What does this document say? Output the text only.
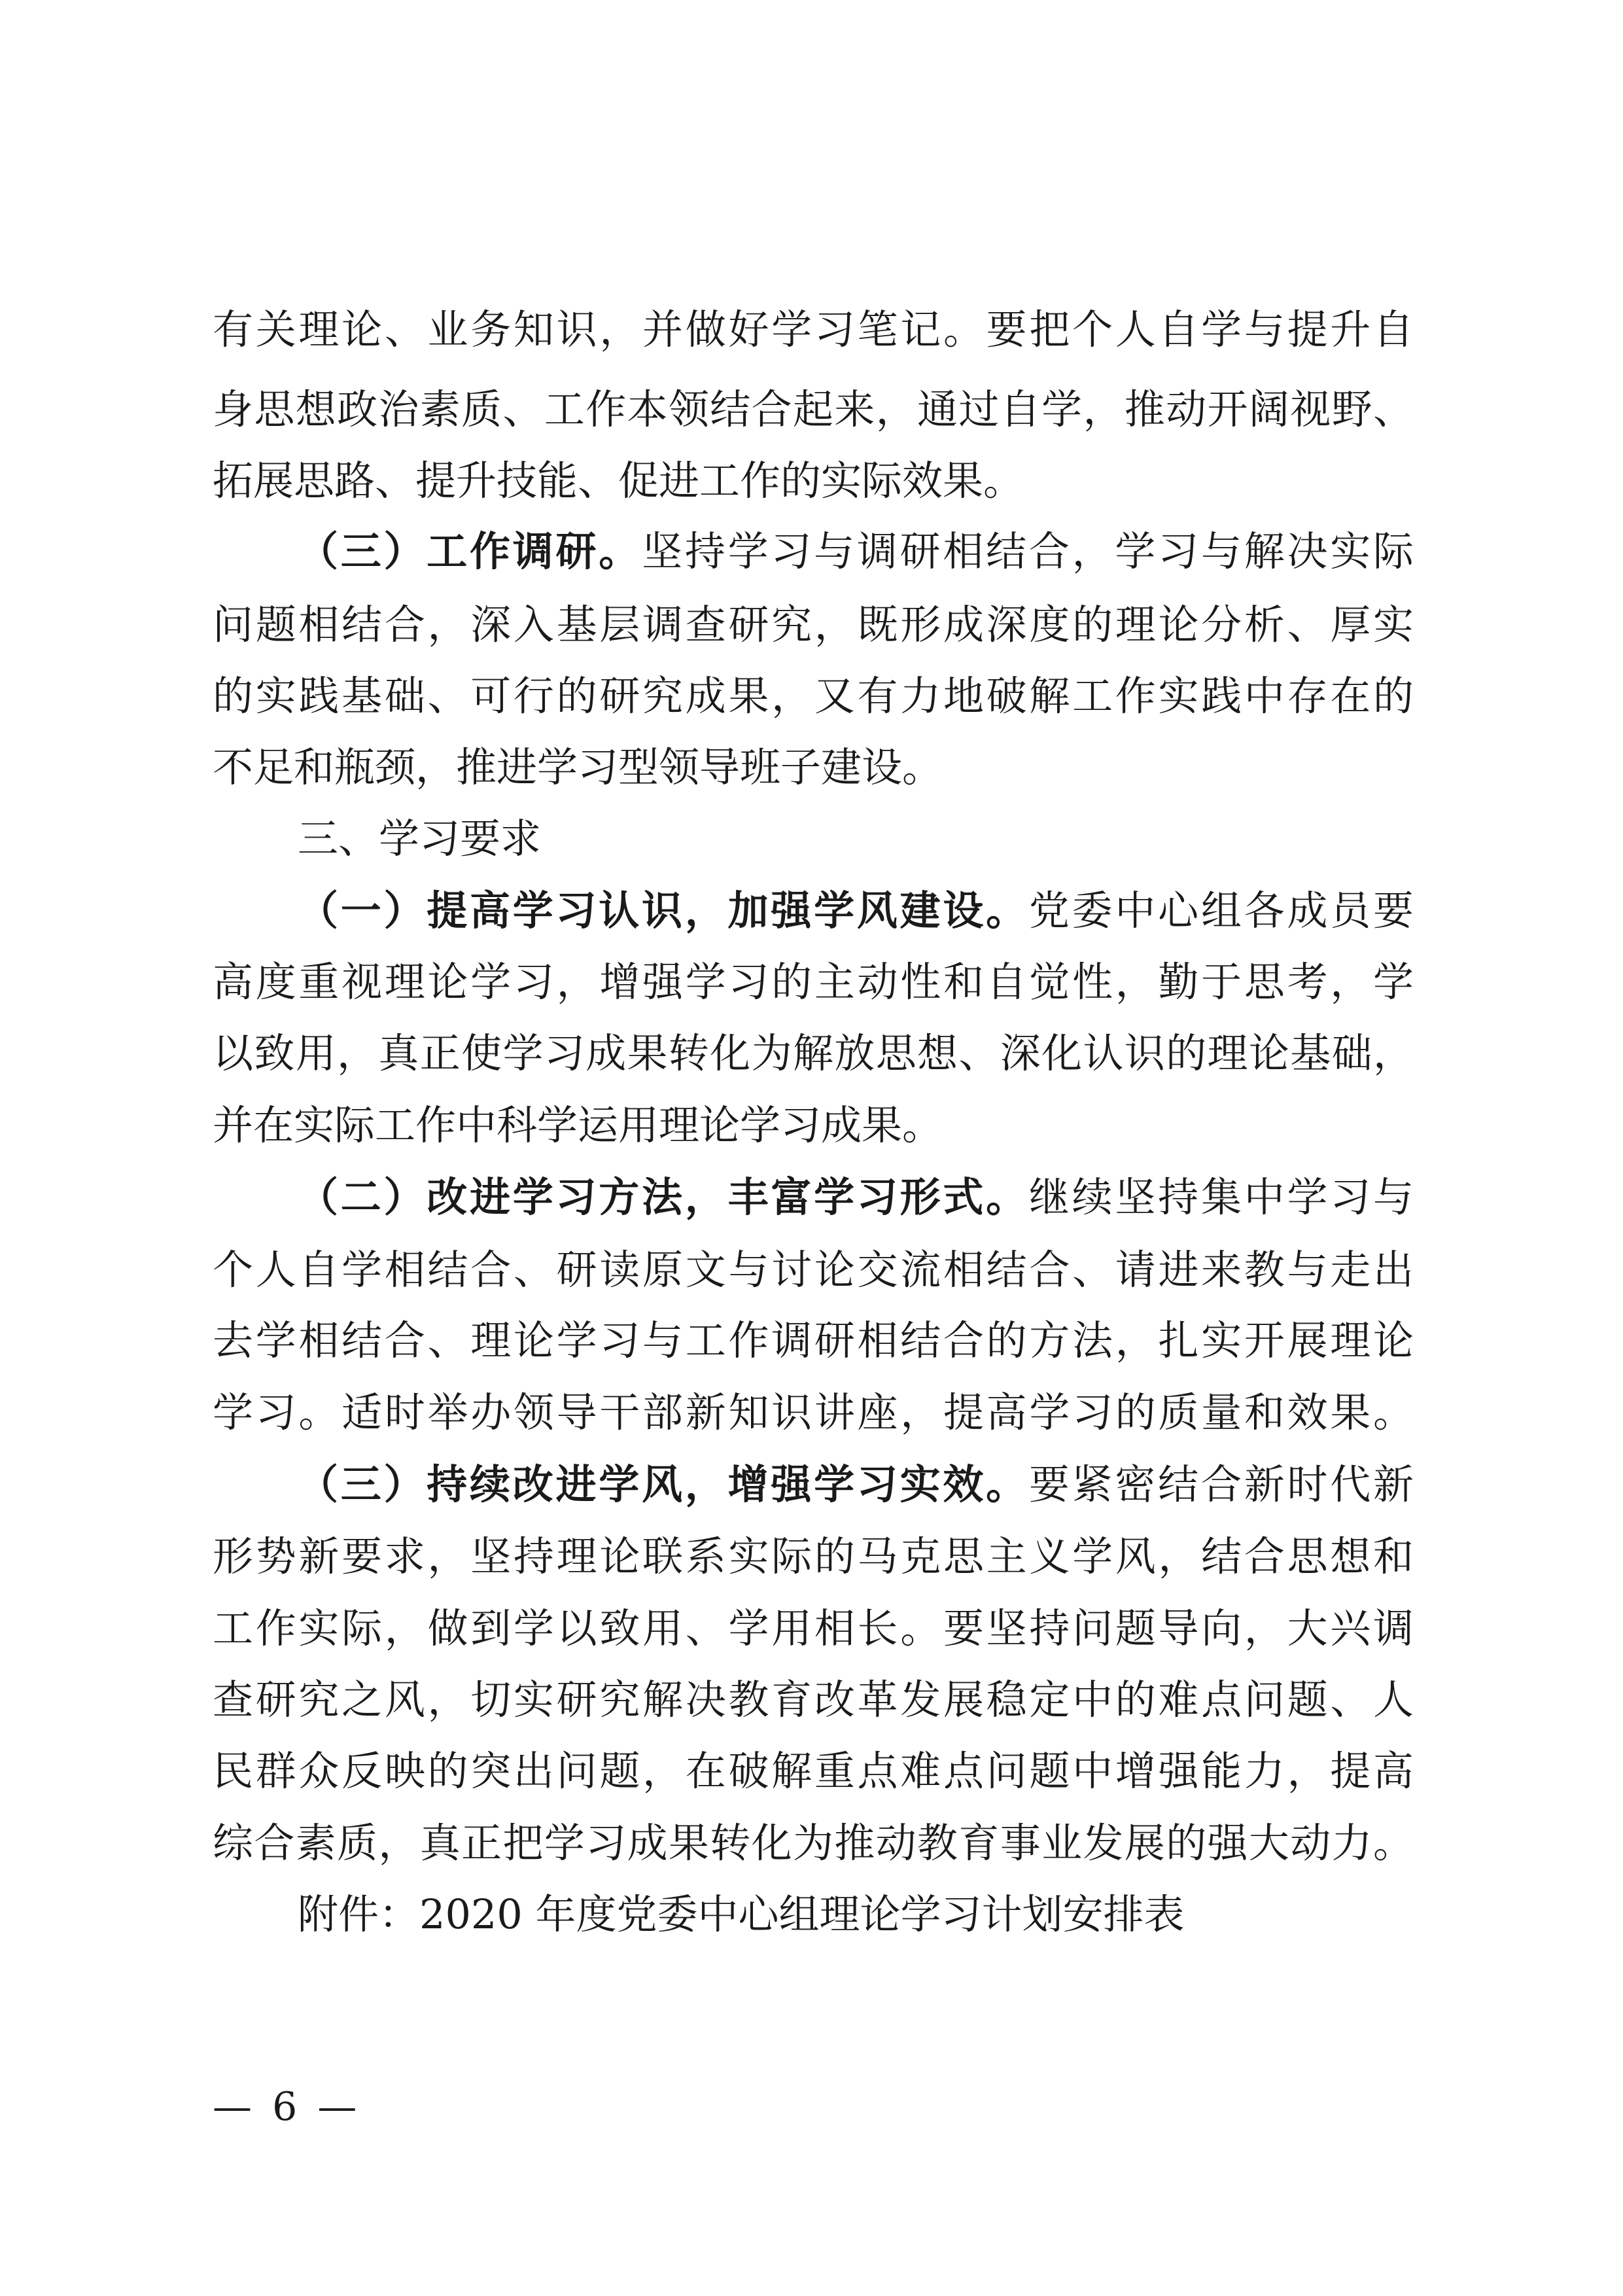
有关理论、业务知识，并做好学习笔记。要把个人自学与提升自
身思想政治素质、工作本领结合起来，通过自学，推动开阔视野、
拓展思路、提升技能、促进工作的实际效果。
（三）工作调研。坚持学习与调研相结合，学习与解决实际
问题相结合，深入基层调查研究，既形成深度的理论分析、厚实
的实践基础、可行的研究成果，又有力地破解工作实践中存在的
不足和瓶颈，推进学习型领导班子建设。
三、学习要求
（一）提高学习认识，加强学风建设。党委中心组各成员要
高度重视理论学习，增强学习的主动性和自觉性，勤于思考，学
以致用，真正使学习成果转化为解放思想、深化认识的理论基础，
并在实际工作中科学运用理论学习成果。
（二）改进学习方法，丰富学习形式。继续坚持集中学习与
个人自学相结合、研读原文与讨论交流相结合、请进来教与走出
去学相结合、理论学习与工作调研相结合的方法，扎实开展理论
学习。适时举办领导干部新知识讲座，提高学习的质量和效果。
（三）持续改进学风，增强学习实效。要紧密结合新时代新
形势新要求，坚持理论联系实际的马克思主义学风，结合思想和
工作实际，做到学以致用、学用相长。要坚持问题导向，大兴调
查研究之风，切实研究解决教育改革发展稳定中的难点问题、人
民群众反映的突出问题，在破解重点难点问题中增强能力，提高
综合素质，真正把学习成果转化为推动教育事业发展的强大动力。
附件：2020 年度党委中心组理论学习计划安排表
— 6 —
